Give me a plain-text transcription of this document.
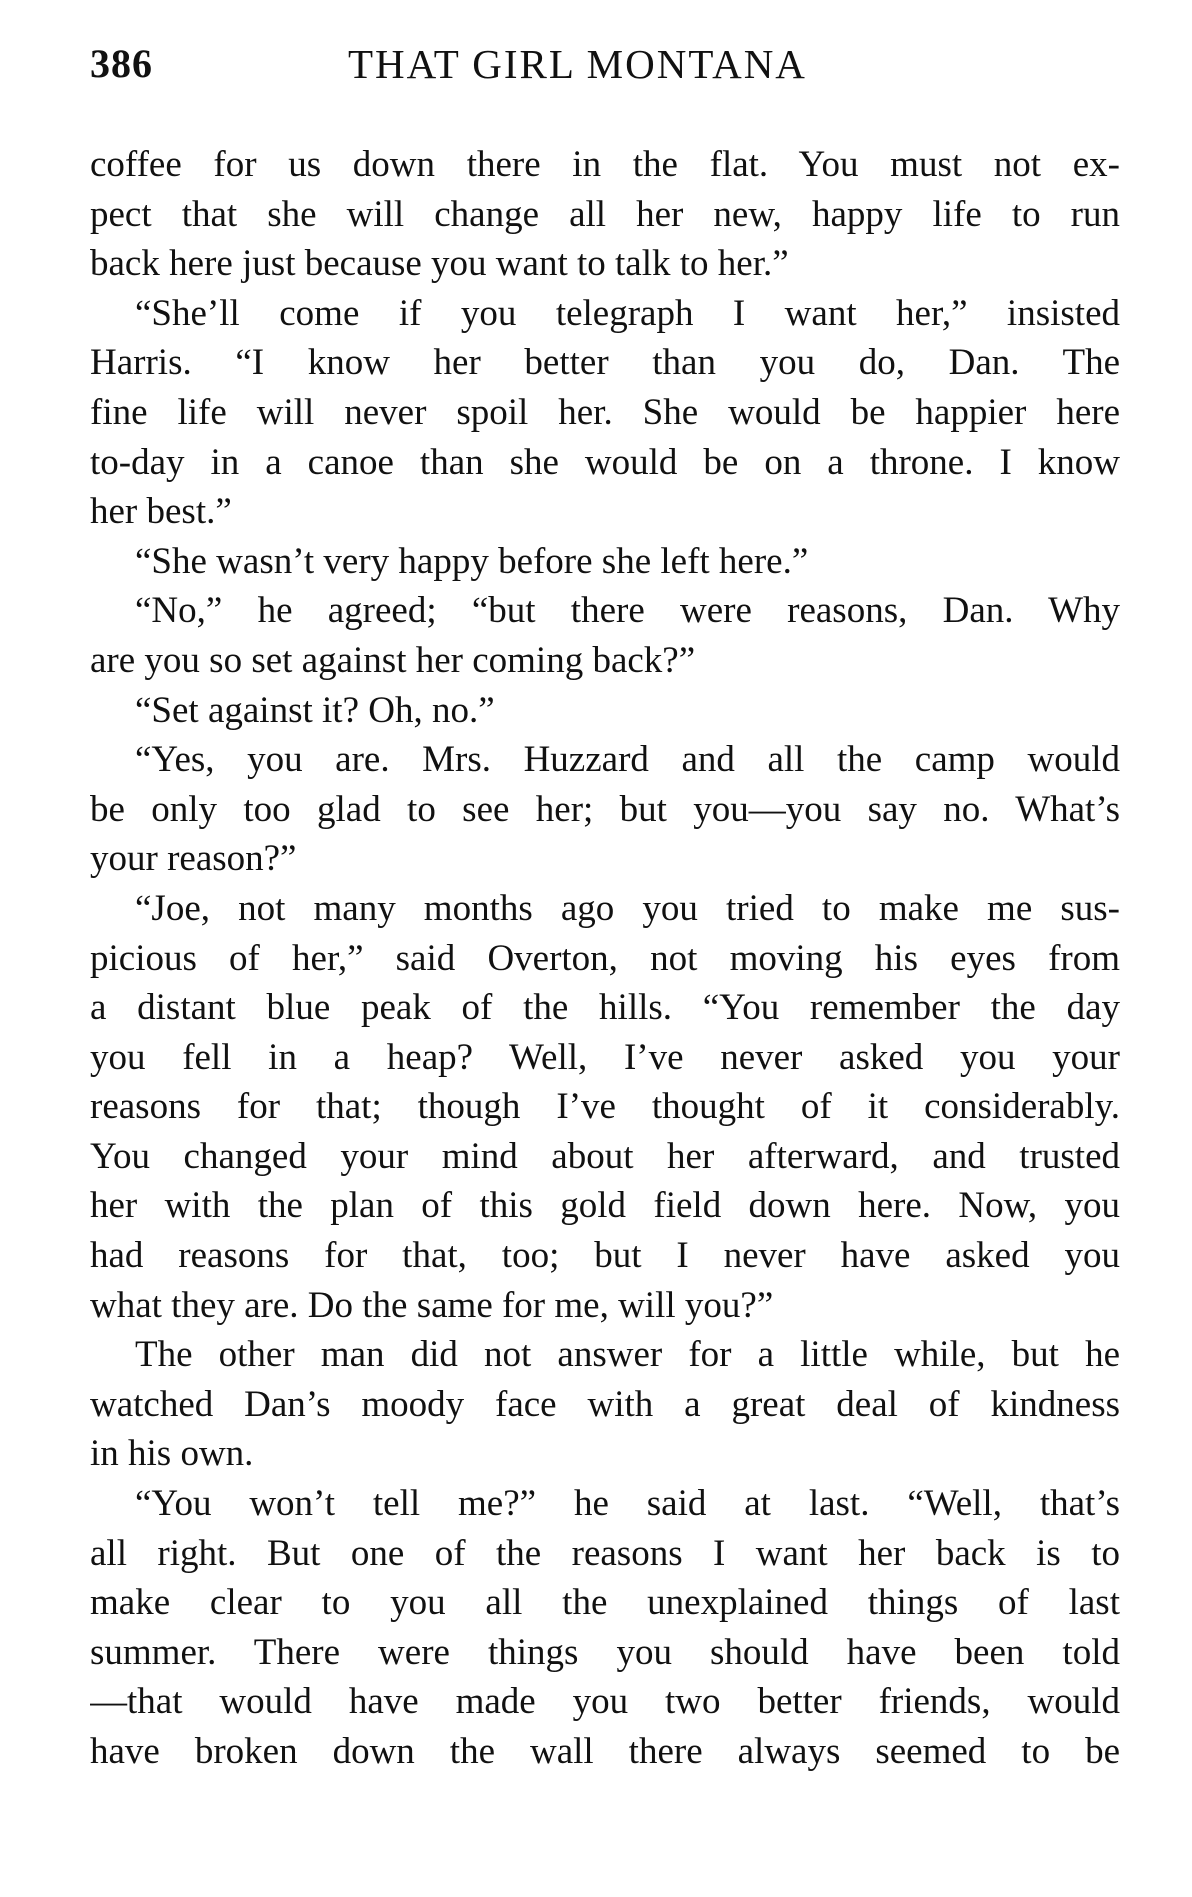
386	THAT GIRL MONTANA
coffee for us down there in the flat. You must not ex-
pect that she will change all her new, happy life to run
back here just because you want to talk to her.”
“She’ll come if you telegraph I want her,” insisted
Harris. “I know her better than you do, Dan. The
fine life will never spoil her. She would be happier here
to-day in a canoe than she would be on a throne. I know
her best.”
“She wasn’t very happy before she left here.”
“No,” he agreed; “but there were reasons, Dan. Why
are you so set against her coming back?”
“Set against it? Oh, no.”
“Yes, you are. Mrs. Huzzard and all the camp would
be only too glad to see her; but you—you say no. What’s
your reason?”
“Joe, not many months ago you tried to make me sus-
picious of her,” said Overton, not moving his eyes from
a distant blue peak of the hills. “You remember the day
you fell in a heap? Well, I’ve never asked you your
reasons for that; though I’ve thought of it considerably.
You changed your mind about her afterward, and trusted
her with the plan of this gold field down here. Now, you
had reasons for that, too; but I never have asked you
what they are. Do the same for me, will you?”
The other man did not answer for a little while, but he
watched Dan’s moody face with a great deal of kindness
in his own.
“You won’t tell me?” he said at last. “Well, that’s
all right. But one of the reasons I want her back is to
make clear to you all the unexplained things of last
summer. There were things you should have been told
—that would have made you two better friends, would
have broken down the wall there always seemed to be
